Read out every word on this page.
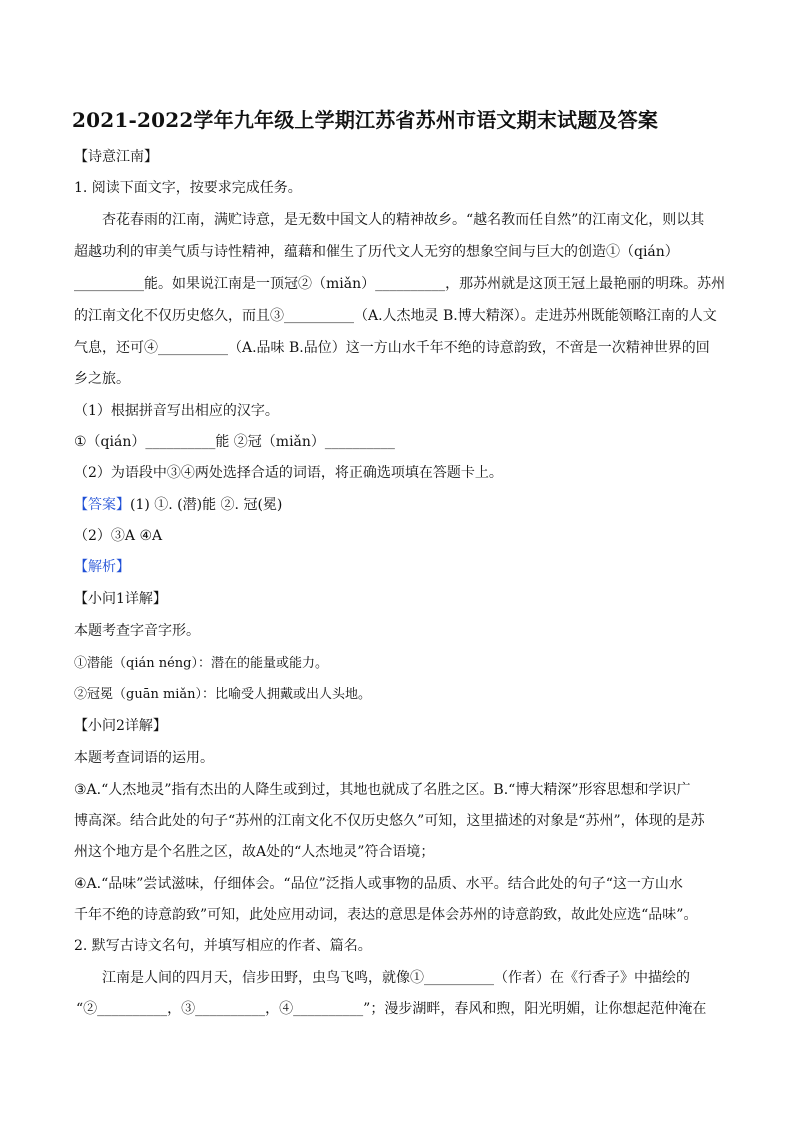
2021-2022学年九年级上学期江苏省苏州市语文期末试题及答案
【诗意江南】
1. 阅读下面文字，按要求完成任务。
杏花春雨的江南，满贮诗意，是无数中国文人的精神故乡。“越名教而任自然”的江南文化，则以其
超越功利的审美气质与诗性精神，蕴藉和催生了历代文人无穷的想象空间与巨大的创造①（qián）
__________能。如果说江南是一顶冠②（miǎn）__________，那苏州就是这顶王冠上最艳丽的明珠。苏州
的江南文化不仅历史悠久，而且③__________（A.人杰地灵 B.博大精深）。走进苏州既能领略江南的人文
气息，还可④__________（A.品味 B.品位）这一方山水千年不绝的诗意韵致，不啻是一次精神世界的回
乡之旅。
（1）根据拼音写出相应的汉字。
①（qián）__________能 ②冠（miǎn）__________
（2）为语段中③④两处选择合适的词语，将正确选项填在答题卡上。
【答案】(1) ①. (潜)能 ②. 冠(冕)
（2）③A ④A
【解析】
【小问1详解】
本题考查字音字形。
①潜能（qián néng）：潜在的能量或能力。
②冠冕（guān miǎn）：比喻受人拥戴或出人头地。
【小问2详解】
本题考查词语的运用。
③A.“人杰地灵”指有杰出的人降生或到过，其地也就成了名胜之区。B.“博大精深”形容思想和学识广
博高深。结合此处的句子“苏州的江南文化不仅历史悠久”可知，这里描述的对象是“苏州”，体现的是苏
州这个地方是个名胜之区，故A处的“人杰地灵”符合语境；
④A.“品味”尝试滋味，仔细体会。“品位”泛指人或事物的品质、水平。结合此处的句子“这一方山水
千年不绝的诗意韵致”可知，此处应用动词，表达的意思是体会苏州的诗意韵致，故此处应选“品味”。
2. 默写古诗文名句，并填写相应的作者、篇名。
江南是人间的四月天，信步田野，虫鸟飞鸣，就像①__________（作者）在《行香子》中描绘的
“②__________，③__________，④__________”；漫步湖畔，春风和煦，阳光明媚，让你想起范仲淹在
